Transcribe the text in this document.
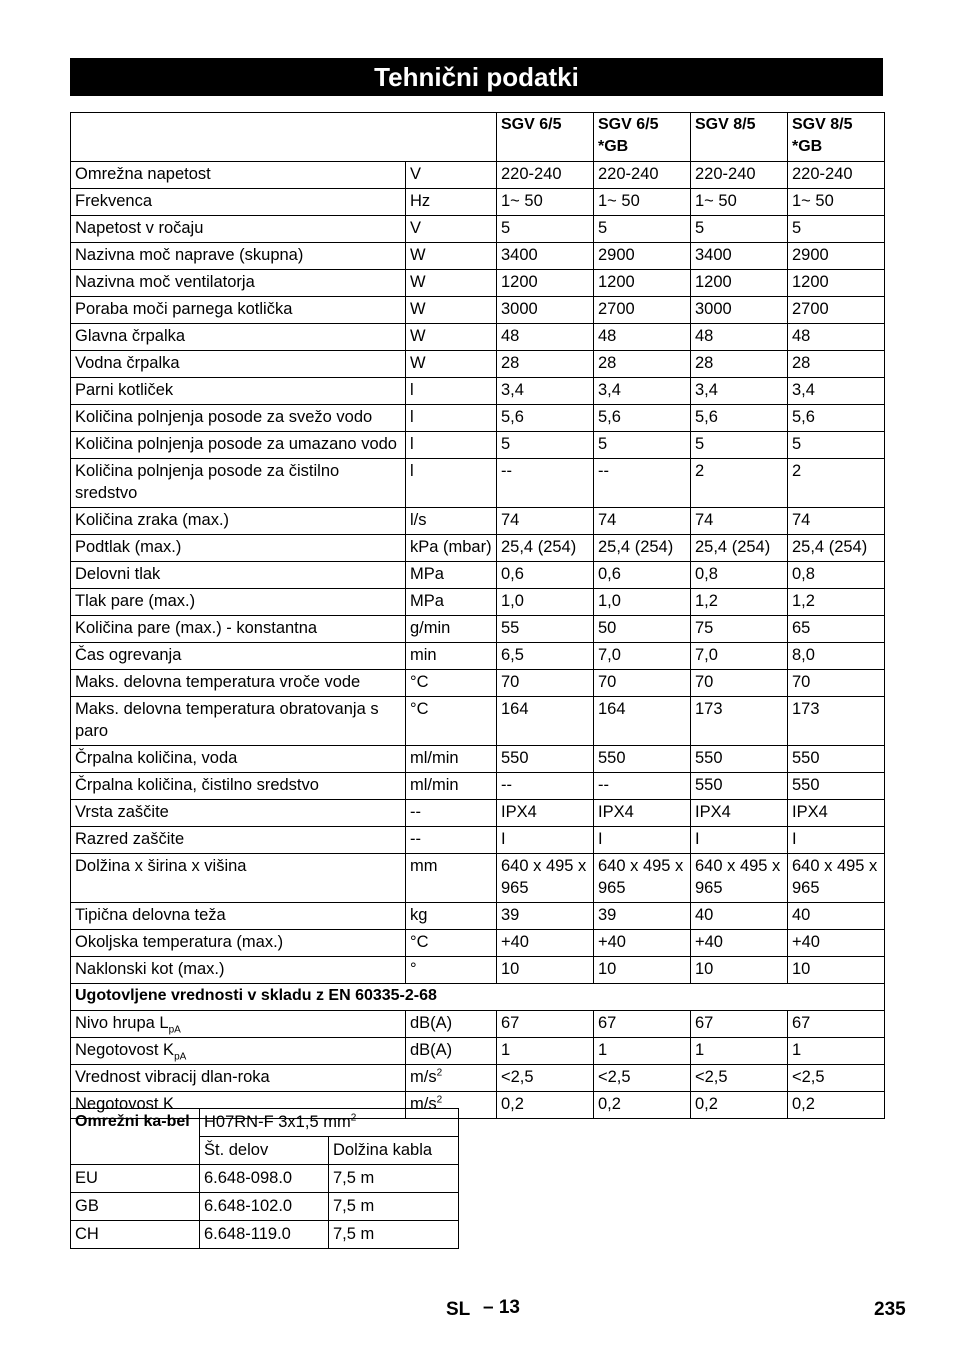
Tehnični podatki
		SGV 6/5	SGV 6/5 *GB	SGV 8/5	SGV 8/5 *GB
Omrežna napetost	V	220-240	220-240	220-240	220-240
Frekvenca	Hz	1~ 50	1~ 50	1~ 50	1~ 50
Napetost v ročaju	V	5	5	5	5
Nazivna moč naprave (skupna)	W	3400	2900	3400	2900
Nazivna moč ventilatorja	W	1200	1200	1200	1200
Poraba moči parnega kotlička	W	3000	2700	3000	2700
Glavna črpalka	W	48	48	48	48
Vodna črpalka	W	28	28	28	28
Parni kotliček	l	3,4	3,4	3,4	3,4
Količina polnjenja posode za svežo vodo	l	5,6	5,6	5,6	5,6
Količina polnjenja posode za umazano vodo	l	5	5	5	5
Količina polnjenja posode za čistilno sredstvo	l	--	--	2	2
Količina zraka (max.)	l/s	74	74	74	74
Podtlak (max.)	kPa (mbar)	25,4 (254)	25,4 (254)	25,4 (254)	25,4 (254)
Delovni tlak	MPa	0,6	0,6	0,8	0,8
Tlak pare (max.)	MPa	1,0	1,0	1,2	1,2
Količina pare (max.) - konstantna	g/min	55	50	75	65
Čas ogrevanja	min	6,5	7,0	7,0	8,0
Maks. delovna temperatura vroče vode	°C	70	70	70	70
Maks. delovna temperatura obratovanja s paro	°C	164	164	173	173
Črpalna količina, voda	ml/min	550	550	550	550
Črpalna količina, čistilno sredstvo	ml/min	--	--	550	550
Vrsta zaščite	--	IPX4	IPX4	IPX4	IPX4
Razred zaščite	--	I	I	I	I
Dolžina x širina x višina	mm	640 x 495 x 965	640 x 495 x 965	640 x 495 x 965	640 x 495 x 965
Tipična delovna teža	kg	39	39	40	40
Okoljska temperatura (max.)	°C	+40	+40	+40	+40
Naklonski kot (max.)	°	10	10	10	10
Ugotovljene vrednosti v skladu z EN 60335-2-68					
Nivo hrupa $L_{pA}$	dB(A)	67	67	67	67
Negotovost $K_{pA}$	dB(A)	1	1	1	1
Vrednost vibracij dlan-roka	$m/s^2$	<2,5	<2,5	<2,5	<2,5
Negotovost K	$m/s^2$	0,2	0,2	0,2	0,2
Omrežni ka-bel	H07RN-F 3x1,5 $mm^2$
	Št. delov	Dolžina kabla
EU	6.648-098.0	7,5 m
GB	6.648-102.0	7,5 m
CH	6.648-119.0	7,5 m
SL – 13	235
